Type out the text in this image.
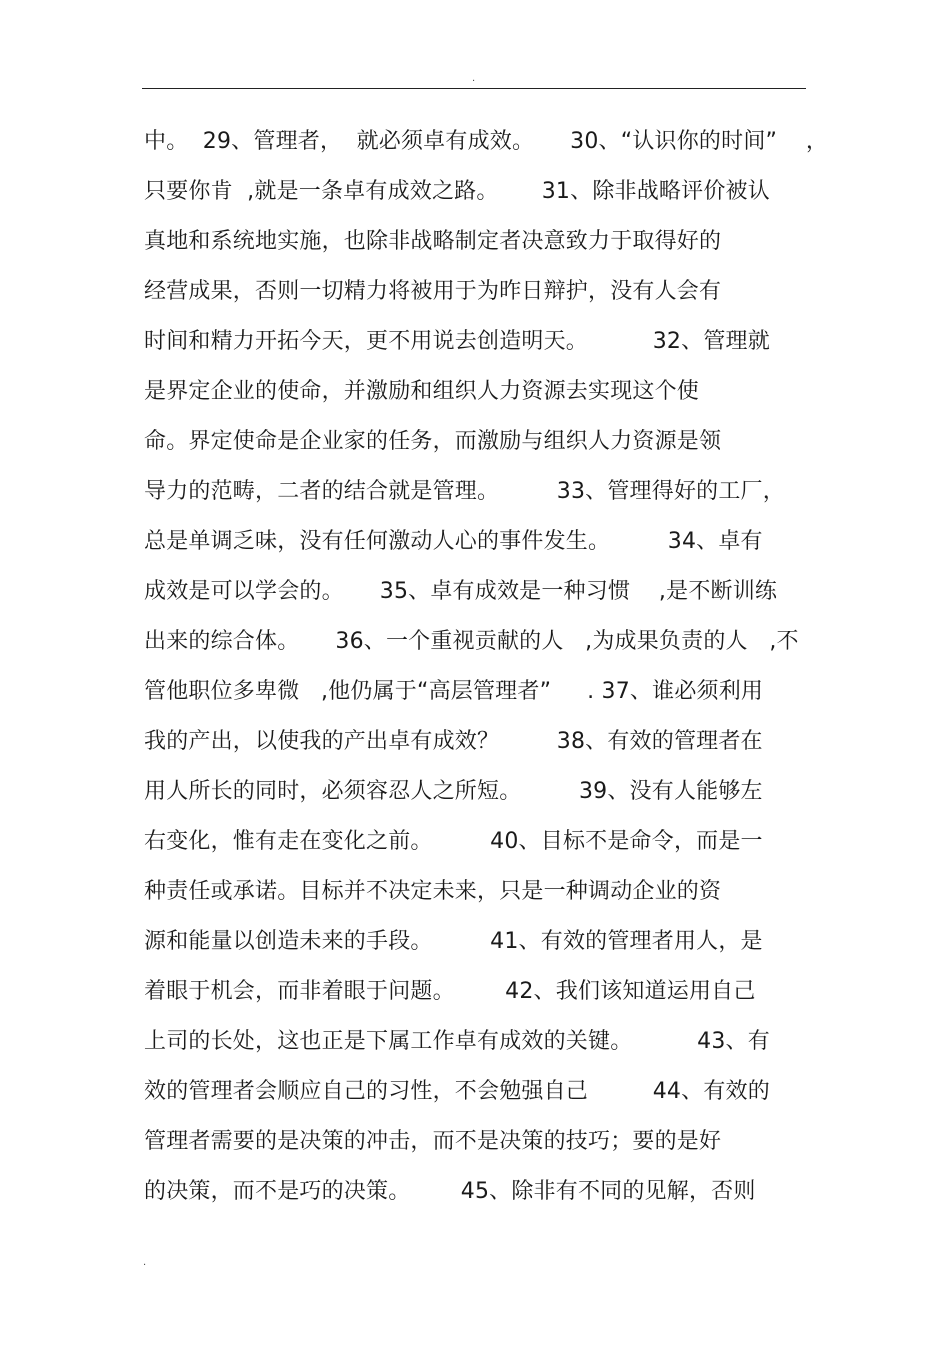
.
中。  29、管理者，  就必须卓有成效。     30、“认识你的时间”    ，
只要你肯  ,就是一条卓有成效之路。      31、除非战略评价被认
真地和系统地实施，也除非战略制定者决意致力于取得好的
经营成果，否则一切精力将被用于为昨日辩护，没有人会有
时间和精力开拓今天，更不用说去创造明天。         32、管理就
是界定企业的使命，并激励和组织人力资源去实现这个使
命。界定使命是企业家的任务，而激励与组织人力资源是领
导力的范畴，二者的结合就是管理。        33、管理得好的工厂，
总是单调乏味，没有任何激动人心的事件发生。        34、卓有
成效是可以学会的。     35、卓有成效是一种习惯    ,是不断训练
出来的综合体。     36、一个重视贡献的人   ,为成果负责的人   ,不
管他职位多卑微   ,他仍属于“高层管理者”     . 37、谁必须利用
我的产出，以使我的产出卓有成效？        38、有效的管理者在
用人所长的同时，必须容忍人之所短。        39、没有人能够左
右变化，惟有走在变化之前。        40、目标不是命令，而是一
种责任或承诺。目标并不决定未来，只是一种调动企业的资
源和能量以创造未来的手段。        41、有效的管理者用人，是
着眼于机会，而非着眼于问题。       42、我们该知道运用自己
上司的长处，这也正是下属工作卓有成效的关键。         43、有
效的管理者会顺应自己的习性，不会勉强自己         44、有效的
管理者需要的是决策的冲击，而不是决策的技巧；要的是好
的决策，而不是巧的决策。       45、除非有不同的见解，否则
.
